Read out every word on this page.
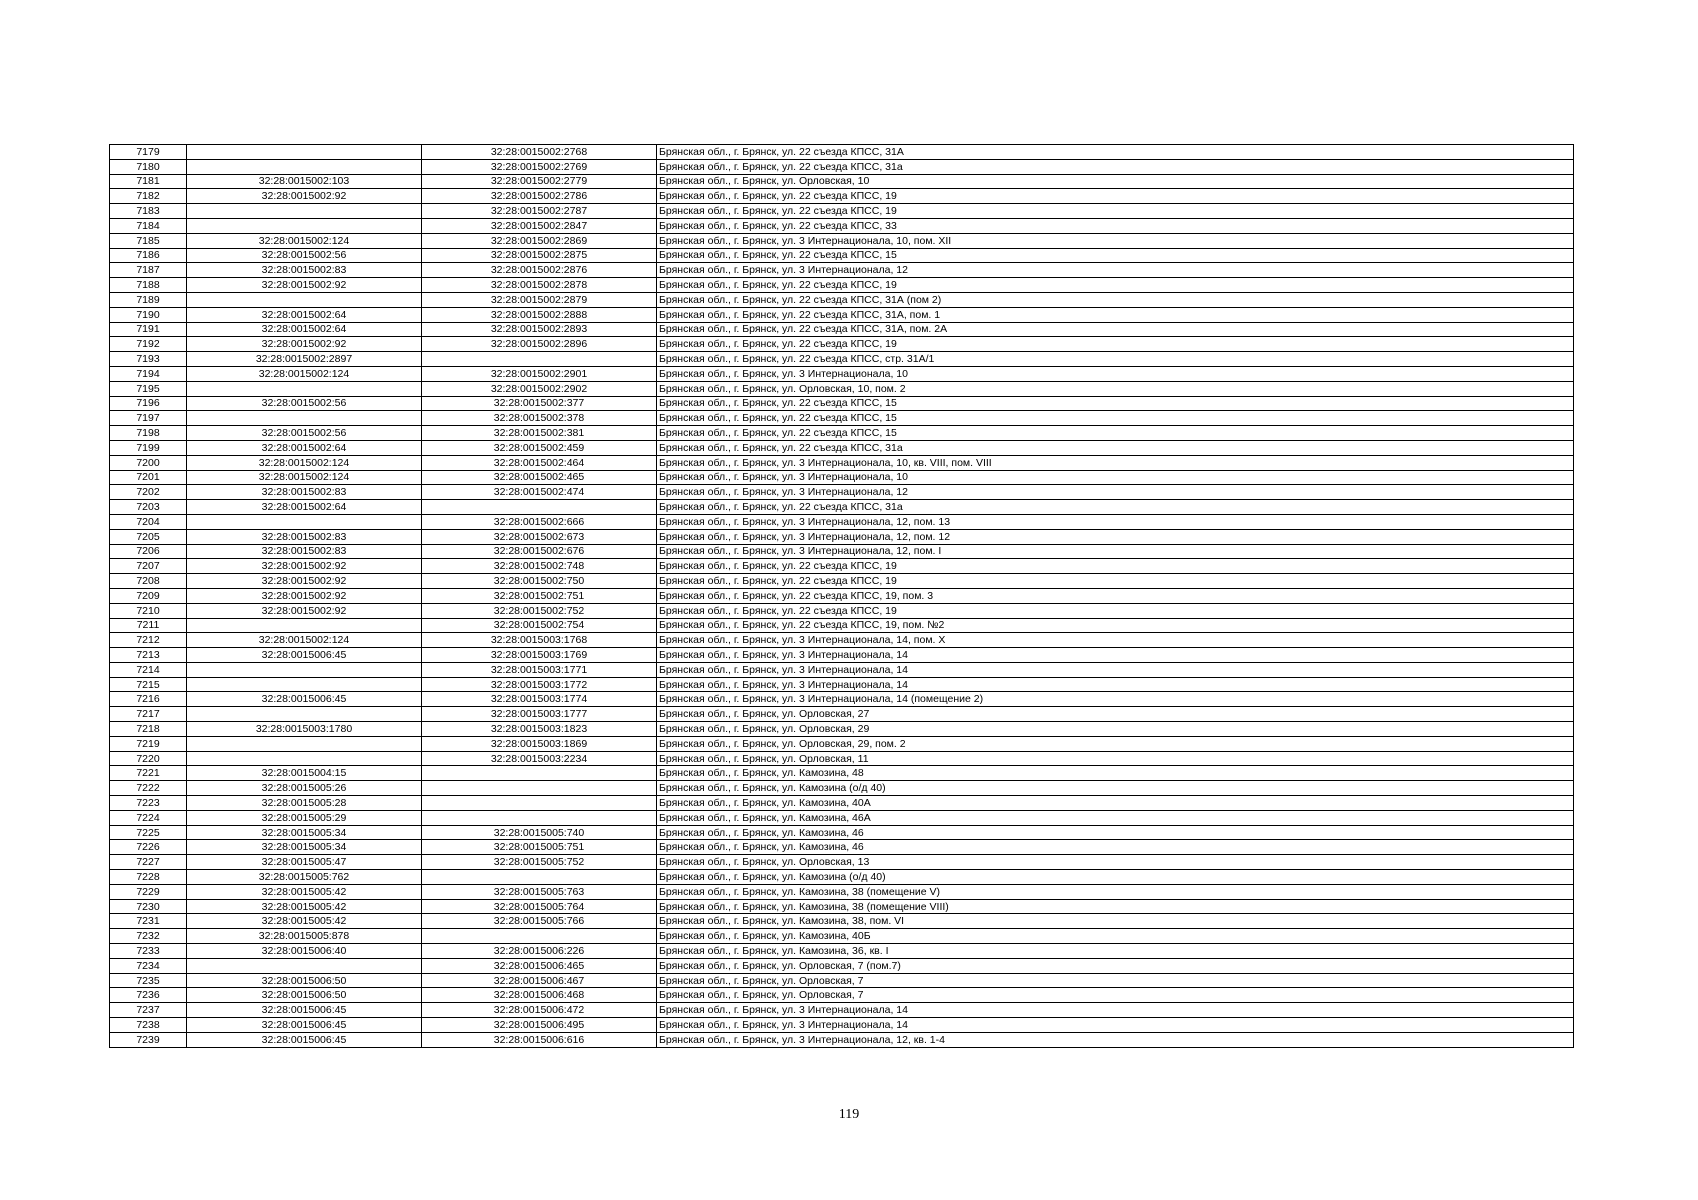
7179		32:28:0015002:2768	Брянская обл., г. Брянск, ул. 22 съезда КПСС, 31А
7180		32:28:0015002:2769	Брянская обл., г. Брянск, ул. 22 съезда КПСС, 31а
7181	32:28:0015002:103	32:28:0015002:2779	Брянская обл., г. Брянск, ул. Орловская, 10
7182	32:28:0015002:92	32:28:0015002:2786	Брянская обл., г. Брянск, ул. 22 съезда КПСС, 19
7183		32:28:0015002:2787	Брянская обл., г. Брянск, ул. 22 съезда КПСС, 19
7184		32:28:0015002:2847	Брянская обл., г. Брянск, ул. 22 съезда КПСС, 33
7185	32:28:0015002:124	32:28:0015002:2869	Брянская обл., г. Брянск, ул. 3 Интернационала, 10, пом. XII
7186	32:28:0015002:56	32:28:0015002:2875	Брянская обл., г. Брянск, ул. 22 съезда КПСС, 15
7187	32:28:0015002:83	32:28:0015002:2876	Брянская обл., г. Брянск, ул. 3 Интернационала, 12
7188	32:28:0015002:92	32:28:0015002:2878	Брянская обл., г. Брянск, ул. 22 съезда КПСС, 19
7189		32:28:0015002:2879	Брянская обл., г. Брянск, ул. 22 съезда КПСС, 31А (пом 2)
7190	32:28:0015002:64	32:28:0015002:2888	Брянская обл., г. Брянск, ул. 22 съезда КПСС, 31А, пом. 1
7191	32:28:0015002:64	32:28:0015002:2893	Брянская обл., г. Брянск, ул. 22 съезда КПСС, 31А, пом. 2А
7192	32:28:0015002:92	32:28:0015002:2896	Брянская обл., г. Брянск, ул. 22 съезда КПСС, 19
7193	32:28:0015002:2897		Брянская обл., г. Брянск, ул. 22 съезда КПСС, стр. 31А/1
7194	32:28:0015002:124	32:28:0015002:2901	Брянская обл., г. Брянск, ул. 3 Интернационала, 10
7195		32:28:0015002:2902	Брянская обл., г. Брянск, ул. Орловская, 10, пом. 2
7196	32:28:0015002:56	32:28:0015002:377	Брянская обл., г. Брянск, ул. 22 съезда КПСС, 15
7197		32:28:0015002:378	Брянская обл., г. Брянск, ул. 22 съезда КПСС, 15
7198	32:28:0015002:56	32:28:0015002:381	Брянская обл., г. Брянск, ул. 22 съезда КПСС, 15
7199	32:28:0015002:64	32:28:0015002:459	Брянская обл., г. Брянск, ул. 22 съезда КПСС, 31а
7200	32:28:0015002:124	32:28:0015002:464	Брянская обл., г. Брянск, ул. 3 Интернационала, 10, кв. VIII, пом. VIII
7201	32:28:0015002:124	32:28:0015002:465	Брянская обл., г. Брянск, ул. 3 Интернационала, 10
7202	32:28:0015002:83	32:28:0015002:474	Брянская обл., г. Брянск, ул. 3 Интернационала, 12
7203	32:28:0015002:64		Брянская обл., г. Брянск, ул. 22 съезда КПСС, 31а
7204		32:28:0015002:666	Брянская обл., г. Брянск, ул. 3 Интернационала, 12, пом. 13
7205	32:28:0015002:83	32:28:0015002:673	Брянская обл., г. Брянск, ул. 3 Интернационала, 12, пом. 12
7206	32:28:0015002:83	32:28:0015002:676	Брянская обл., г. Брянск, ул. 3 Интернационала, 12, пом. I
7207	32:28:0015002:92	32:28:0015002:748	Брянская обл., г. Брянск, ул. 22 съезда КПСС, 19
7208	32:28:0015002:92	32:28:0015002:750	Брянская обл., г. Брянск, ул. 22 съезда КПСС, 19
7209	32:28:0015002:92	32:28:0015002:751	Брянская обл., г. Брянск, ул. 22 съезда КПСС, 19, пом. 3
7210	32:28:0015002:92	32:28:0015002:752	Брянская обл., г. Брянск, ул. 22 съезда КПСС, 19
7211		32:28:0015002:754	Брянская обл., г. Брянск, ул. 22 съезда КПСС, 19, пом. №2
7212	32:28:0015002:124	32:28:0015003:1768	Брянская обл., г. Брянск, ул. 3 Интернационала, 14, пом. X
7213	32:28:0015006:45	32:28:0015003:1769	Брянская обл., г. Брянск, ул. 3 Интернационала, 14
7214		32:28:0015003:1771	Брянская обл., г. Брянск, ул. 3 Интернационала, 14
7215		32:28:0015003:1772	Брянская обл., г. Брянск, ул. 3 Интернационала, 14
7216	32:28:0015006:45	32:28:0015003:1774	Брянская обл., г. Брянск, ул. 3 Интернационала, 14 (помещение 2)
7217		32:28:0015003:1777	Брянская обл., г. Брянск, ул. Орловская, 27
7218	32:28:0015003:1780	32:28:0015003:1823	Брянская обл., г. Брянск, ул. Орловская, 29
7219		32:28:0015003:1869	Брянская обл., г. Брянск, ул. Орловская, 29, пом. 2
7220		32:28:0015003:2234	Брянская обл., г. Брянск, ул. Орловская, 11
7221	32:28:0015004:15		Брянская обл., г. Брянск, ул. Камозина, 48
7222	32:28:0015005:26		Брянская обл., г. Брянск, ул. Камозина (о/д 40)
7223	32:28:0015005:28		Брянская обл., г. Брянск, ул. Камозина, 40А
7224	32:28:0015005:29		Брянская обл., г. Брянск, ул. Камозина, 46А
7225	32:28:0015005:34	32:28:0015005:740	Брянская обл., г. Брянск, ул. Камозина, 46
7226	32:28:0015005:34	32:28:0015005:751	Брянская обл., г. Брянск, ул. Камозина, 46
7227	32:28:0015005:47	32:28:0015005:752	Брянская обл., г. Брянск, ул. Орловская, 13
7228	32:28:0015005:762		Брянская обл., г. Брянск, ул. Камозина (о/д 40)
7229	32:28:0015005:42	32:28:0015005:763	Брянская обл., г. Брянск, ул. Камозина, 38 (помещение V)
7230	32:28:0015005:42	32:28:0015005:764	Брянская обл., г. Брянск, ул. Камозина, 38 (помещение VIII)
7231	32:28:0015005:42	32:28:0015005:766	Брянская обл., г. Брянск, ул. Камозина, 38, пом. VI
7232	32:28:0015005:878		Брянская обл., г. Брянск, ул. Камозина, 40Б
7233	32:28:0015006:40	32:28:0015006:226	Брянская обл., г. Брянск, ул. Камозина, 36, кв. I
7234		32:28:0015006:465	Брянская обл., г. Брянск, ул. Орловская, 7 (пом.7)
7235	32:28:0015006:50	32:28:0015006:467	Брянская обл., г. Брянск, ул. Орловская, 7
7236	32:28:0015006:50	32:28:0015006:468	Брянская обл., г. Брянск, ул. Орловская, 7
7237	32:28:0015006:45	32:28:0015006:472	Брянская обл., г. Брянск, ул. 3 Интернационала, 14
7238	32:28:0015006:45	32:28:0015006:495	Брянская обл., г. Брянск, ул. 3 Интернационала, 14
7239	32:28:0015006:45	32:28:0015006:616	Брянская обл., г. Брянск, ул. 3 Интернационала, 12, кв. 1-4
119
